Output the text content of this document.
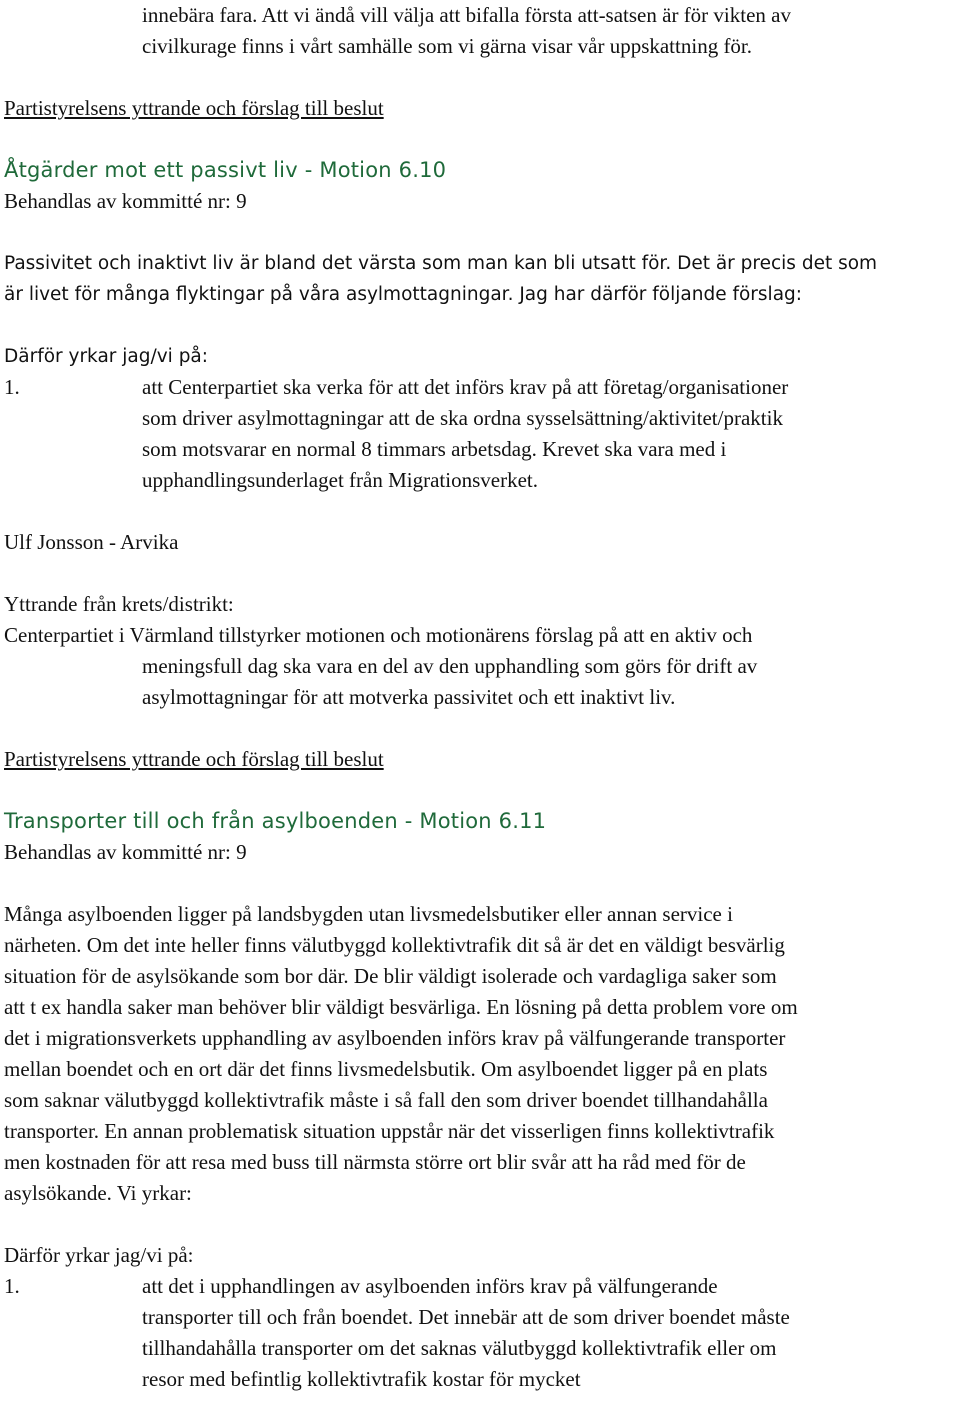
innebära fara. Att vi ändå vill välja att bifalla första att-satsen är för vikten av

civilkurage finns i vårt samhälle som vi gärna visar vår uppskattning för.

Partistyrelsens yttrande och förslag till beslut

Åtgärder mot ett passivt liv - Motion 6.10

Behandlas av kommitté nr: 9

Passivitet och inaktivt liv är bland det värsta som man kan bli utsatt för. Det är precis det som

är livet för många flyktingar på våra asylmottagningar. Jag har därför följande förslag:

Därför yrkar jag/vi på:

1.	att Centerpartiet ska verka för att det införs krav på att företag/organisationer

som driver asylmottagningar att de ska ordna sysselsättning/aktivitet/praktik

som motsvarar en normal 8 timmars arbetsdag. Krevet ska vara med i

upphandlingsunderlaget från Migrationsverket.

Ulf Jonsson - Arvika

Yttrande från krets/distrikt:

Centerpartiet i Värmland tillstyrker motionen och motionärens förslag på att en aktiv och

meningsfull dag ska vara en del av den upphandling som görs för drift av

asylmottagningar för att motverka passivitet och ett inaktivt liv.

Partistyrelsens yttrande och förslag till beslut

Transporter till och från asylboenden - Motion 6.11

Behandlas av kommitté nr: 9

Många asylboenden ligger på landsbygden utan livsmedelsbutiker eller annan service i

närheten. Om det inte heller finns välutbyggd kollektivtrafik dit så är det en väldigt besvärlig

situation för de asylsökande som bor där. De blir väldigt isolerade och vardagliga saker som

att t ex handla saker man behöver blir väldigt besvärliga. En lösning på detta problem vore om

det i migrationsverkets upphandling av asylboenden införs krav på välfungerande transporter

mellan boendet och en ort där det finns livsmedelsbutik. Om asylboendet ligger på en plats

som saknar välutbyggd kollektivtrafik måste i så fall den som driver boendet tillhandahålla

transporter. En annan problematisk situation uppstår när det visserligen finns kollektivtrafik

men kostnaden för att resa med buss till närmsta större ort blir svår att ha råd med för de

asylsökande. Vi yrkar:

Därför yrkar jag/vi på:

1.	att det i upphandlingen av asylboenden införs krav på välfungerande

transporter till och från boendet. Det innebär att de som driver boendet måste

tillhandahålla transporter om det saknas välutbyggd kollektivtrafik eller om

resor med befintlig kollektivtrafik kostar för mycket
